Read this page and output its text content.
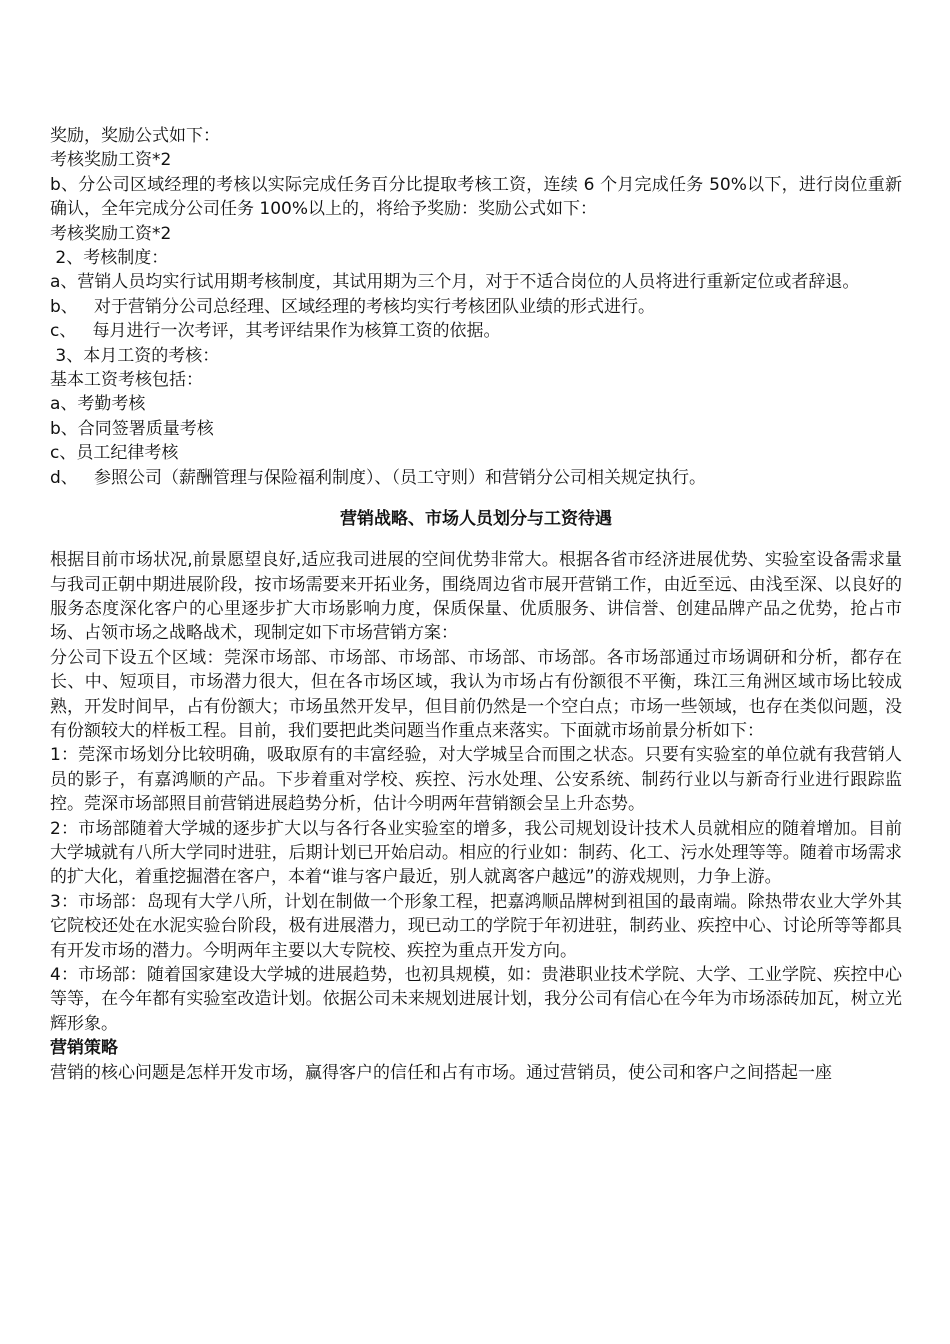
奖励，奖励公式如下：

考核奖励工资*2

b、分公司区域经理的考核以实际完成任务百分比提取考核工资，连续 6 个月完成任务 50%以下，进行岗位重新确认，全年完成分公司任务 100%以上的，将给予奖励：奖励公式如下：

考核奖励工资*2

2、考核制度：

a、营销人员均实行试用期考核制度，其试用期为三个月，对于不适合岗位的人员将进行重新定位或者辞退。

b、   对于营销分公司总经理、区域经理的考核均实行考核团队业绩的形式进行。

c、   每月进行一次考评，其考评结果作为核算工资的依据。

3、本月工资的考核：

基本工资考核包括：

a、考勤考核

b、合同签署质量考核

c、员工纪律考核

d、   参照公司（薪酬管理与保险福利制度）、（员工守则）和营销分公司相关规定执行。

营销战略、市场人员划分与工资待遇

根据目前市场状况,前景愿望良好,适应我司进展的空间优势非常大。根据各省市经济进展优势、实验室设备需求量与我司正朝中期进展阶段，按市场需要来开拓业务，围绕周边省市展开营销工作，由近至远、由浅至深、以良好的服务态度深化客户的心里逐步扩大市场影响力度，保质保量、优质服务、讲信誉、创建品牌产品之优势，抢占市场、占领市场之战略战术，现制定如下市场营销方案：

分公司下设五个区域：莞深市场部、市场部、市场部、市场部、市场部。各市场部通过市场调研和分析，都存在长、中、短项目，市场潜力很大，但在各市场区域，我认为市场占有份额很不平衡，珠江三角洲区域市场比较成熟，开发时间早，占有份额大；市场虽然开发早，但目前仍然是一个空白点；市场一些领域，也存在类似问题，没有份额较大的样板工程。目前，我们要把此类问题当作重点来落实。下面就市场前景分析如下：

1：莞深市场划分比较明确，吸取原有的丰富经验，对大学城呈合而围之状态。只要有实验室的单位就有我营销人员的影子，有嘉鸿顺的产品。下步着重对学校、疾控、污水处理、公安系统、制药行业以与新奇行业进行跟踪监控。莞深市场部照目前营销进展趋势分析，估计今明两年营销额会呈上升态势。

2：市场部随着大学城的逐步扩大以与各行各业实验室的增多，我公司规划设计技术人员就相应的随着增加。目前大学城就有八所大学同时进驻，后期计划已开始启动。相应的行业如：制药、化工、污水处理等等。随着市场需求的扩大化，着重挖掘潜在客户，本着“谁与客户最近，别人就离客户越远”的游戏规则，力争上游。

3：市场部：岛现有大学八所，计划在制做一个形象工程，把嘉鸿顺品牌树到祖国的最南端。除热带农业大学外其它院校还处在水泥实验台阶段，极有进展潜力，现已动工的学院于年初进驻，制药业、疾控中心、讨论所等等都具有开发市场的潜力。今明两年主要以大专院校、疾控为重点开发方向。

4：市场部：随着国家建设大学城的进展趋势，也初具规模，如：贵港职业技术学院、大学、工业学院、疾控中心等等，在今年都有实验室改造计划。依据公司未来规划进展计划，我分公司有信心在今年为市场添砖加瓦，树立光辉形象。

营销策略

营销的核心问题是怎样开发市场，赢得客户的信任和占有市场。通过营销员，使公司和客户之间搭起一座
